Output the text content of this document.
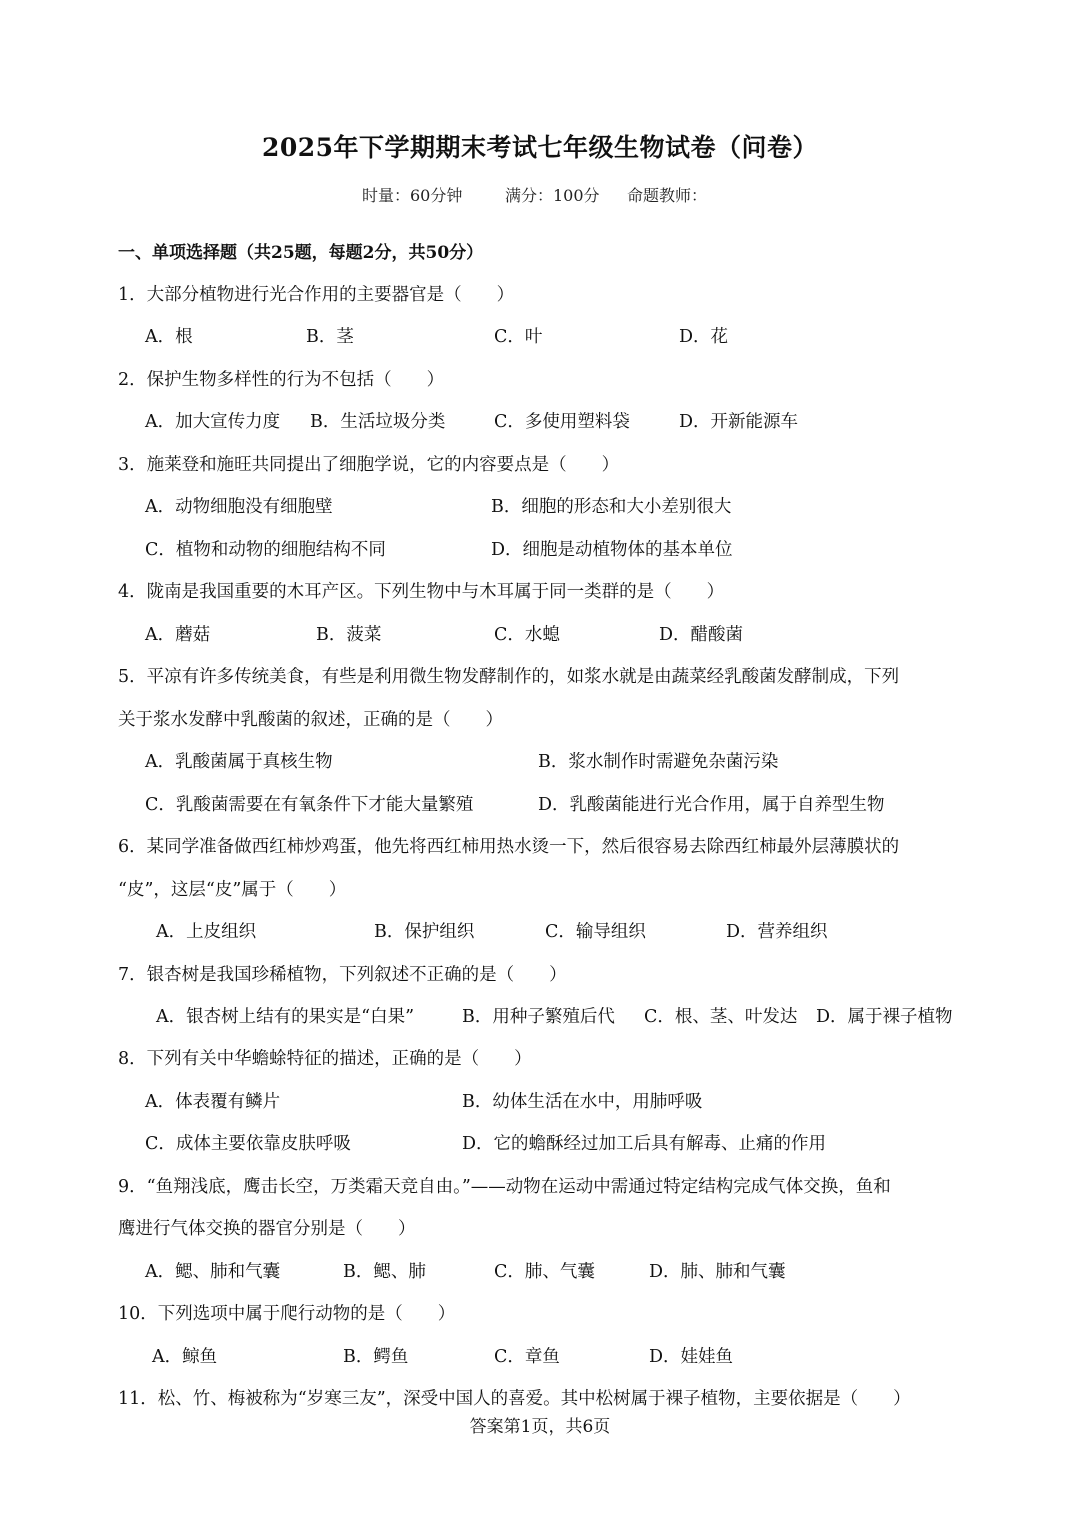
2025年下学期期末考试七年级生物试卷（问卷）
时量：60分钟	满分：100分 命题教师：
一、单项选择题（共25题，每题2分，共50分）
1．大部分植物进行光合作用的主要器官是（　　）
A．根	B．茎	C．叶	D．花
2．保护生物多样性的行为不包括（　　）
A．加大宣传力度 B．生活垃圾分类	C．多使用塑料袋	D．开新能源车
3．施莱登和施旺共同提出了细胞学说，它的内容要点是（　　）
A．动物细胞没有细胞壁	B．细胞的形态和大小差别很大
C．植物和动物的细胞结构不同	D．细胞是动植物体的基本单位
4．陇南是我国重要的木耳产区。下列生物中与木耳属于同一类群的是（　　）
A．蘑菇	B．菠菜	C．水螅	D．醋酸菌
5．平凉有许多传统美食，有些是利用微生物发酵制作的，如浆水就是由蔬菜经乳酸菌发酵制成，下列
关于浆水发酵中乳酸菌的叙述，正确的是（　　）
A．乳酸菌属于真核生物	B．浆水制作时需避免杂菌污染
C．乳酸菌需要在有氧条件下才能大量繁殖	D．乳酸菌能进行光合作用，属于自养型生物
6．某同学准备做西红柿炒鸡蛋，他先将西红柿用热水烫一下，然后很容易去除西红柿最外层薄膜状的
“皮”，这层“皮”属于（　　）
A．上皮组织	B．保护组织	C．输导组织	D．营养组织
7．银杏树是我国珍稀植物，下列叙述不正确的是（　　）
A．银杏树上结有的果实是“白果”	B．用种子繁殖后代 C．根、茎、叶发达 D．属于裸子植物
8．下列有关中华蟾蜍特征的描述，正确的是（　　）
A．体表覆有鳞片	B．幼体生活在水中，用肺呼吸
C．成体主要依靠皮肤呼吸	D．它的蟾酥经过加工后具有解毒、止痛的作用
9．“鱼翔浅底，鹰击长空，万类霜天竞自由。”——动物在运动中需通过特定结构完成气体交换，鱼和
鹰进行气体交换的器官分别是（　　）
A．鳃、肺和气囊	B．鳃、肺	C．肺、气囊	D．肺、肺和气囊
10．下列选项中属于爬行动物的是（　　）
A．鲸鱼	B．鳄鱼	C．章鱼	D．娃娃鱼
11．松、竹、梅被称为“岁寒三友”，深受中国人的喜爱。其中松树属于裸子植物，主要依据是（　　）
答案第1页，共6页
